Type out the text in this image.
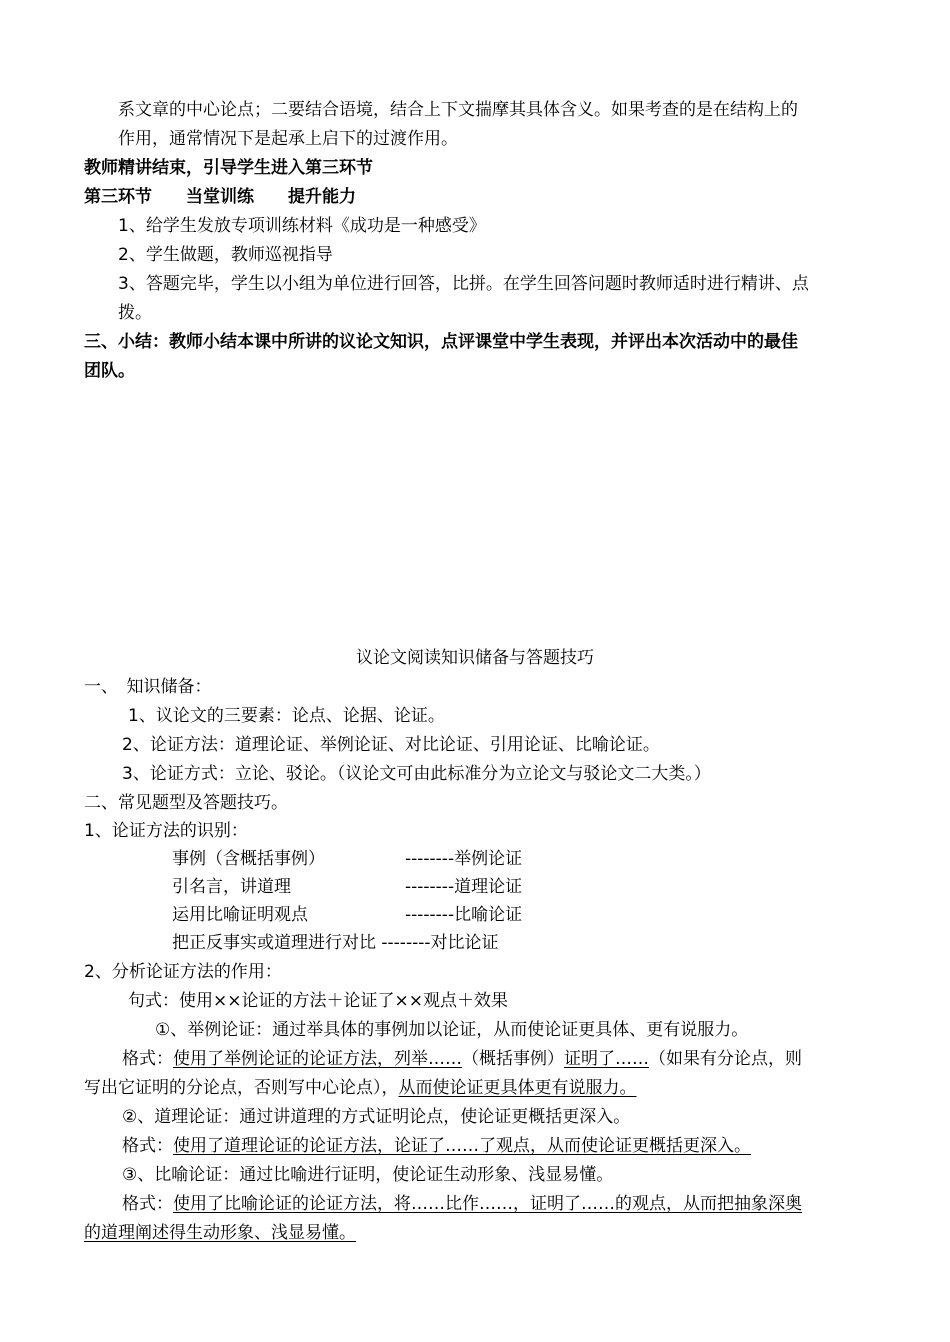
系文章的中心论点；二要结合语境，结合上下文揣摩其具体含义。如果考查的是在结构上的
作用，通常情况下是起承上启下的过渡作用。
教师精讲结束，引导学生进入第三环节
第三环节　　当堂训练　　提升能力
1、给学生发放专项训练材料《成功是一种感受》
2、学生做题，教师巡视指导
3、答题完毕，学生以小组为单位进行回答，比拼。在学生回答问题时教师适时进行精讲、点
拨。
三、小结：教师小结本课中所讲的议论文知识，点评课堂中学生表现，并评出本次活动中的最佳
团队。
议论文阅读知识储备与答题技巧
一、　知识储备：
1、议论文的三要素：论点、论据、论证。
2、论证方法：道理论证、举例论证、对比论证、引用论证、比喻论证。
3、论证方式：立论、驳论。（议论文可由此标准分为立论文与驳论文二大类。）
二、常见题型及答题技巧。
1、论证方法的识别：
事例（含概括事例）	--------举例论证
引名言，讲道理	--------道理论证
运用比喻证明观点	--------比喻论证
把正反事实或道理进行对比 --------对比论证
2、分析论证方法的作用：
句式：使用××论证的方法＋论证了××观点＋效果
①、举例论证：通过举具体的事例加以论证，从而使论证更具体、更有说服力。
格式：使用了举例论证的论证方法，列举……（概括事例）证明了……（如果有分论点，则
写出它证明的分论点，否则写中心论点），从而使论证更具体更有说服力。
②、道理论证：通过讲道理的方式证明论点，使论证更概括更深入。
格式：使用了道理论证的论证方法，论证了……了观点，从而使论证更概括更深入。
③、比喻论证：通过比喻进行证明，使论证生动形象、浅显易懂。
格式：使用了比喻论证的论证方法，将……比作……，证明了……的观点，从而把抽象深奥
的道理阐述得生动形象、浅显易懂。
